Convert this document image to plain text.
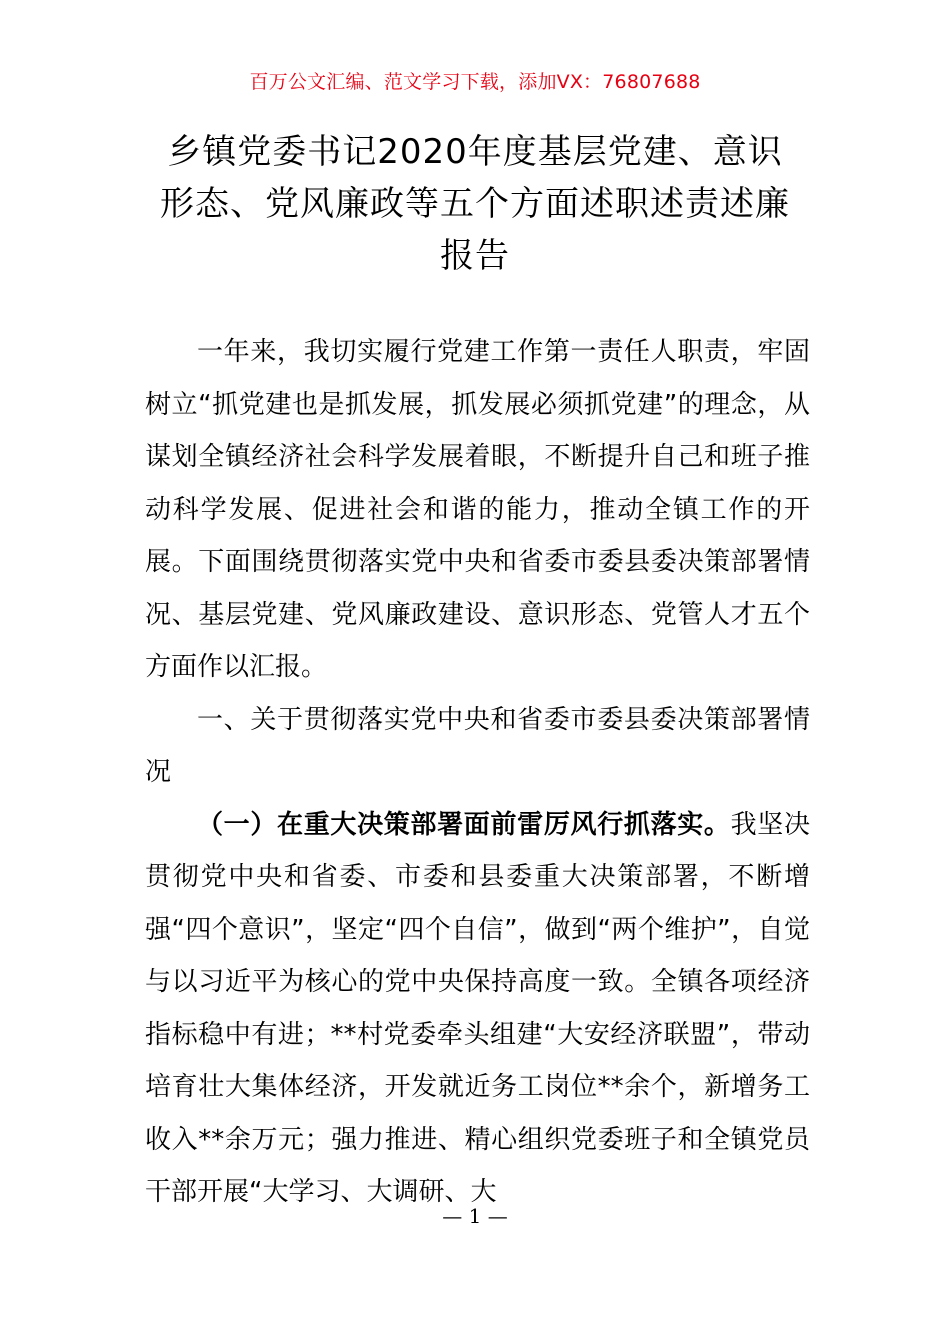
百万公文汇编、范文学习下载，添加VX：76807688
乡镇党委书记2020年度基层党建、意识
形态、党风廉政等五个方面述职述责述廉
报告

一年来，我切实履行党建工作第一责任人职责，牢固树立“抓党建也是抓发展，抓发展必须抓党建”的理念，从谋划全镇经济社会科学发展着眼，不断提升自己和班子推动科学发展、促进社会和谐的能力，推动全镇工作的开展。下面围绕贯彻落实党中央和省委市委县委决策部署情况、基层党建、党风廉政建设、意识形态、党管人才五个方面作以汇报。

一、关于贯彻落实党中央和省委市委县委决策部署情况

（一）在重大决策部署面前雷厉风行抓落实。我坚决贯彻党中央和省委、市委和县委重大决策部署，不断增强“四个意识”，坚定“四个自信”，做到“两个维护”，自觉与以习近平为核心的党中央保持高度一致。全镇各项经济指标稳中有进；**村党委牵头组建“大安经济联盟”，带动培育壮大集体经济，开发就近务工岗位**余个，新增务工收入**余万元；强力推进、精心组织党委班子和全镇党员干部开展“大学习、大调研、大

— 1 —
